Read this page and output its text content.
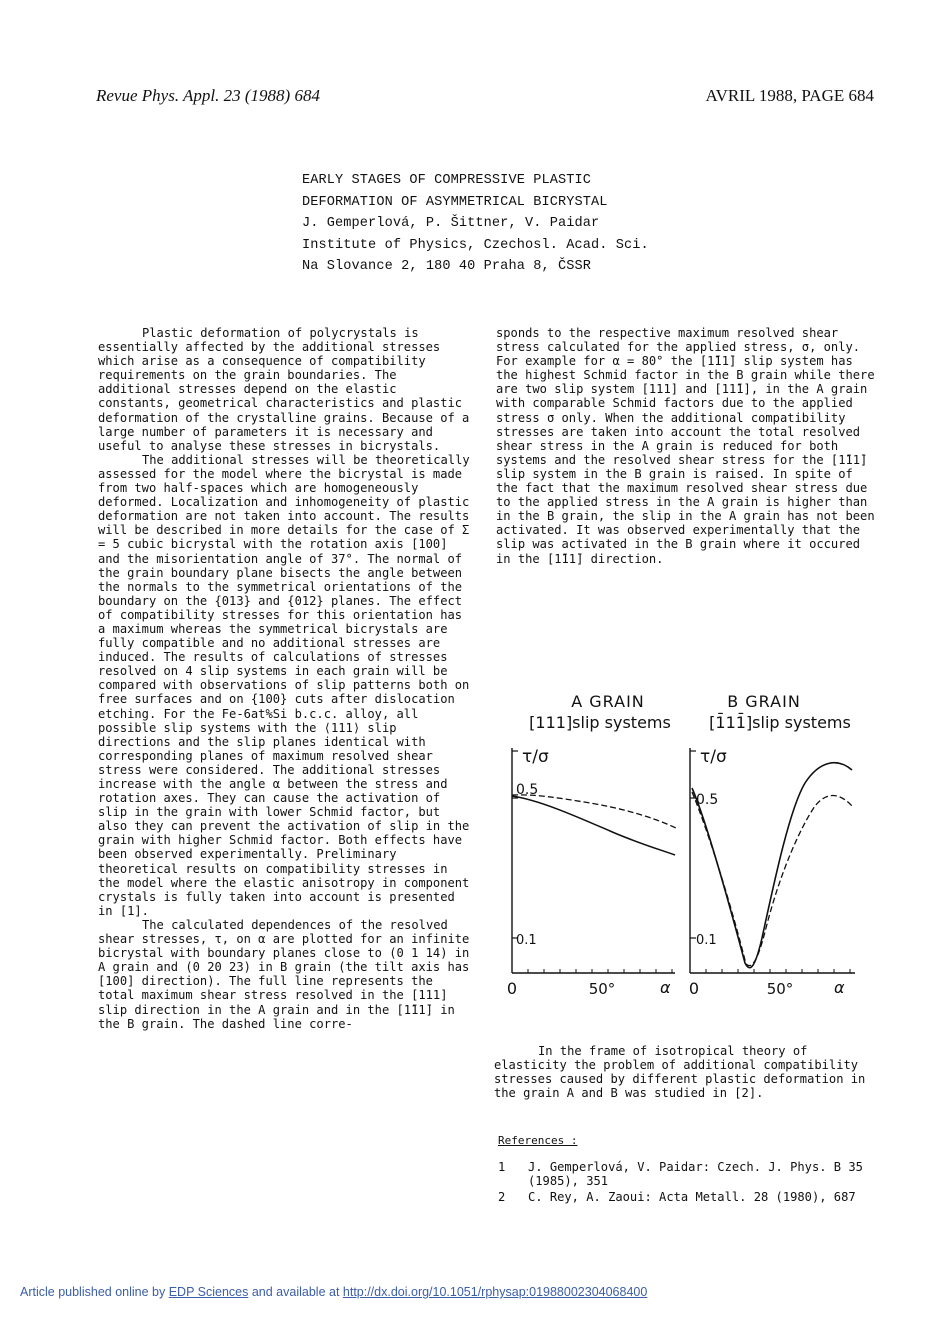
Revue Phys. Appl. 23 (1988) 684	AVRIL 1988, PAGE 684
EARLY STAGES OF COMPRESSIVE PLASTIC
DEFORMATION OF ASYMMETRICAL BICRYSTAL
J. Gemperlová, P. Šittner, V. Paidar
Institute of Physics, Czechosl. Acad. Sci.
Na Slovance 2, 180 40 Praha 8, ČSSR

Plastic deformation of polycrystals is essentially affected by the additional stresses which arise as a consequence of compatibility requirements on the grain boundaries. The additional stresses depend on the elastic constants, geometrical characteristics and plastic deformation of the crystalline grains. Because of a large number of parameters it is necessary and useful to analyse these stresses in bicrystals.

The additional stresses will be theoretically assessed for the model where the bicrystal is made from two half-spaces which are homogeneously deformed. Localization and inhomogeneity of plastic deformation are not taken into account. The results will be described in more details for the case of Σ = 5 cubic bicrystal with the rotation axis [100] and the misorientation angle of 37°. The normal of the grain boundary plane bisects the angle between the normals to the symmetrical orientations of the boundary on the {013} and {012} planes. The effect of compatibility stresses for this orientation has a maximum whereas the symmetrical bicrystals are fully compatible and no additional stresses are induced. The results of calculations of stresses resolved on 4 slip systems in each grain will be compared with observations of slip patterns both on free surfaces and on {100} cuts after dislocation etching. For the Fe-6at%Si b.c.c. alloy, all possible slip systems with the ⟨111⟩ slip directions and the slip planes identical with corresponding planes of maximum resolved shear stress were considered. The additional stresses increase with the angle α between the stress and rotation axes. They can cause the activation of slip in the grain with lower Schmid factor, but also they can prevent the activation of slip in the grain with higher Schmid factor. Both effects have been observed experimentally. Preliminary theoretical results on compatibility stresses in the model where the elastic anisotropy in component crystals is fully taken into account is presented in [1].

The calculated dependences of the resolved shear stresses, τ, on α are plotted for an infinite bicrystal with boundary planes close to (0 1 14) in A grain and (0 20 23) in B grain (the tilt axis has [100] direction). The full line represents the total maximum shear stress resolved in the [111] slip direction in the A grain and in the [1̄11̄] in the B grain. The dashed line corre-

sponds to the respective maximum resolved shear stress calculated for the applied stress, σ, only. For example for α = 80° the [1̄11̄] slip system has the highest Schmid factor in the B grain while there are two slip system [111] and [11̄1], in the A grain with comparable Schmid factors due to the applied stress σ only. When the additional compatibility stresses are taken into account the total resolved shear stress in the A grain is reduced for both systems and the resolved shear stress for the [1̄11̄] slip system in the B grain is raised. In spite of the fact that the maximum resolved shear stress due to the applied stress in the A grain is higher than in the B grain, the slip in the A grain has not been activated. It was observed experimentally that the slip was activated in the B grain where it occured in the [1̄11̄] direction.

A GRAIN
[111]slip systems
B GRAIN
[1̄11̄]slip systems
τ/σ
0.5
0.1
0	50°	α
τ/σ
0.5
0.1
0	50°	α

In the frame of isotropical theory of elasticity the problem of additional compatibility stresses caused by different plastic deformation in the grain A and B was studied in [2].

References :
1	J. Gemperlová, V. Paidar: Czech. J. Phys. B 35 (1985), 351
2	C. Rey, A. Zaoui: Acta Metall. 28 (1980), 687
Article published online by EDP Sciences and available at http://dx.doi.org/10.1051/rphysap:01988002304068400
